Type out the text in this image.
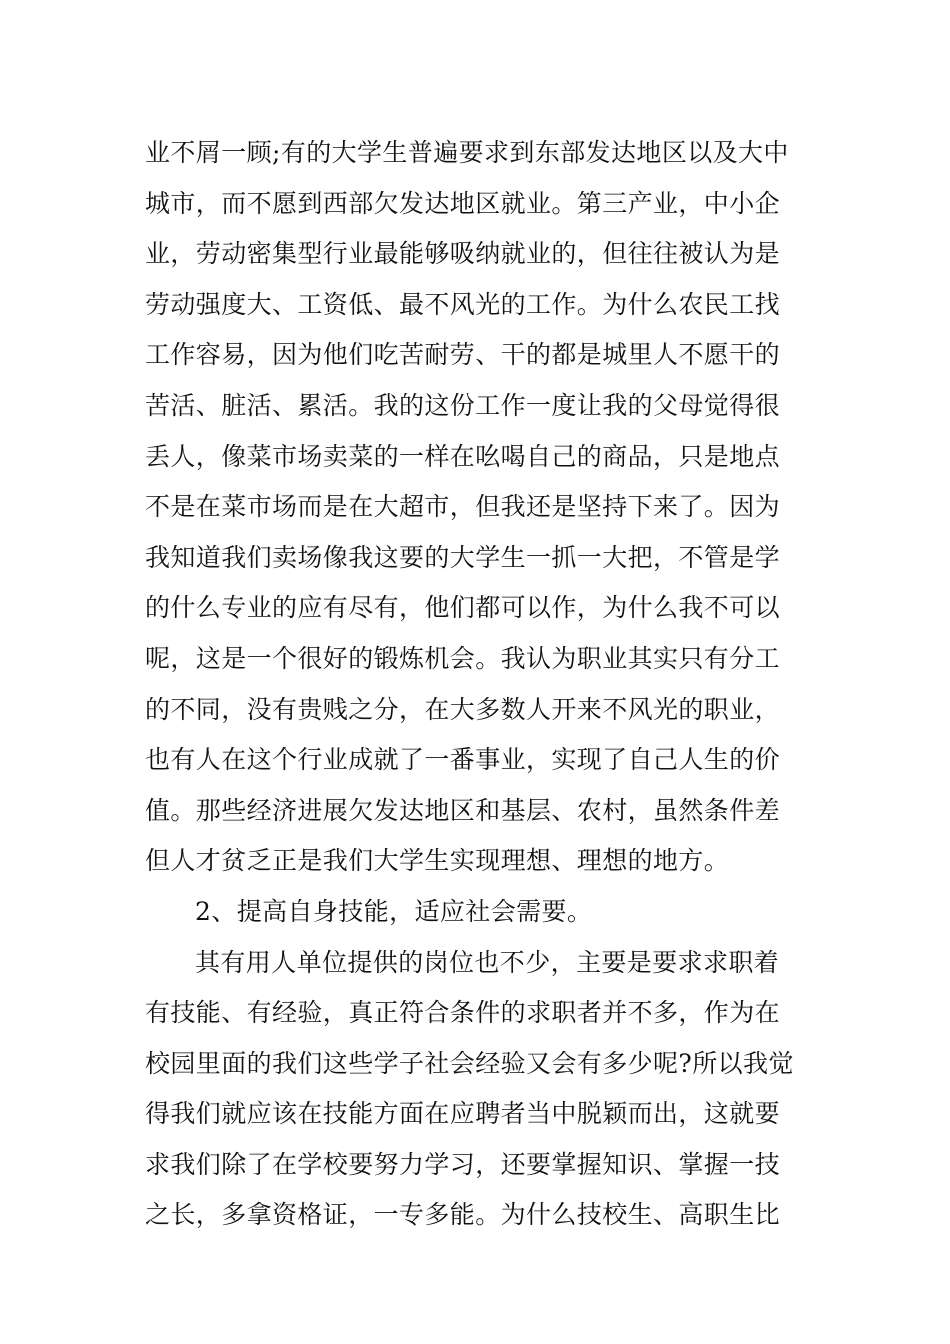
业不屑一顾;有的大学生普遍要求到东部发达地区以及大中
城市，而不愿到西部欠发达地区就业。第三产业，中小企
业，劳动密集型行业最能够吸纳就业的，但往往被认为是
劳动强度大、工资低、最不风光的工作。为什么农民工找
工作容易，因为他们吃苦耐劳、干的都是城里人不愿干的
苦活、脏活、累活。我的这份工作一度让我的父母觉得很
丢人，像菜市场卖菜的一样在吆喝自己的商品，只是地点
不是在菜市场而是在大超市，但我还是坚持下来了。因为
我知道我们卖场像我这要的大学生一抓一大把，不管是学
的什么专业的应有尽有，他们都可以作，为什么我不可以
呢，这是一个很好的锻炼机会。我认为职业其实只有分工
的不同，没有贵贱之分，在大多数人开来不风光的职业，
也有人在这个行业成就了一番事业，实现了自己人生的价
值。那些经济进展欠发达地区和基层、农村，虽然条件差
但人才贫乏正是我们大学生实现理想、理想的地方。
2、提高自身技能，适应社会需要。
其有用人单位提供的岗位也不少，主要是要求求职着
有技能、有经验，真正符合条件的求职者并不多，作为在
校园里面的我们这些学子社会经验又会有多少呢?所以我觉
得我们就应该在技能方面在应聘者当中脱颖而出，这就要
求我们除了在学校要努力学习，还要掌握知识、掌握一技
之长，多拿资格证，一专多能。为什么技校生、高职生比
